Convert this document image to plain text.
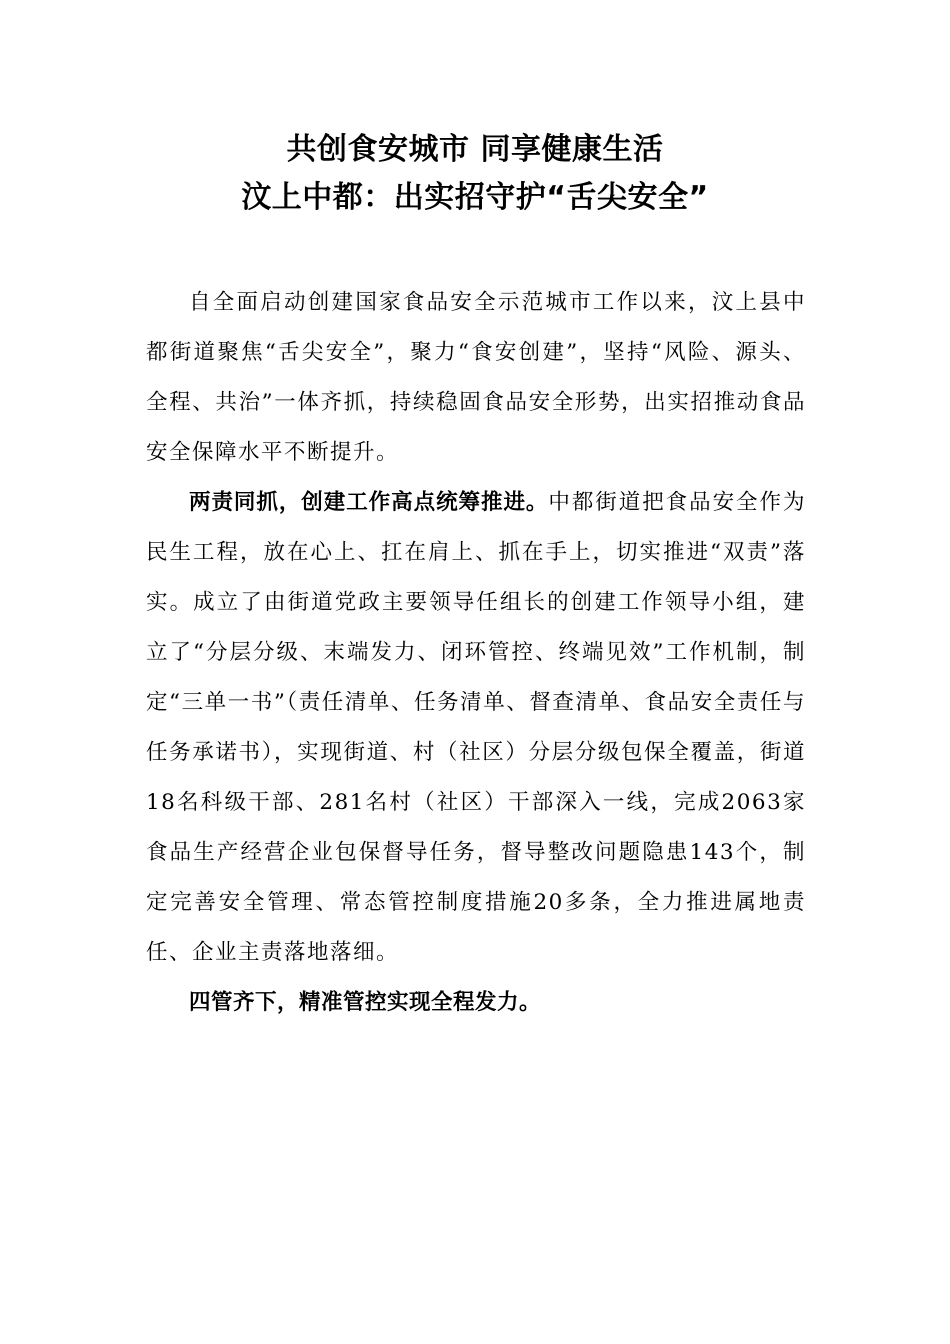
共创食安城市 同享健康生活
汶上中都：出实招守护“舌尖安全”

自全面启动创建国家食品安全示范城市工作以来，汶上县中都街道聚焦“舌尖安全”，聚力“食安创建”，坚持“风险、源头、全程、共治”一体齐抓，持续稳固食品安全形势，出实招推动食品安全保障水平不断提升。

两责同抓，创建工作高点统筹推进。中都街道把食品安全作为民生工程，放在心上、扛在肩上、抓在手上，切实推进“双责”落实。成立了由街道党政主要领导任组长的创建工作领导小组，建立了“分层分级、末端发力、闭环管控、终端见效”工作机制，制定“三单一书”（责任清单、任务清单、督查清单、食品安全责任与任务承诺书），实现街道、村（社区）分层分级包保全覆盖，街道18名科级干部、281名村（社区）干部深入一线，完成2063家食品生产经营企业包保督导任务，督导整改问题隐患143个，制定完善安全管理、常态管控制度措施20多条，全力推进属地责任、企业主责落地落细。

四管齐下，精准管控实现全程发力。
